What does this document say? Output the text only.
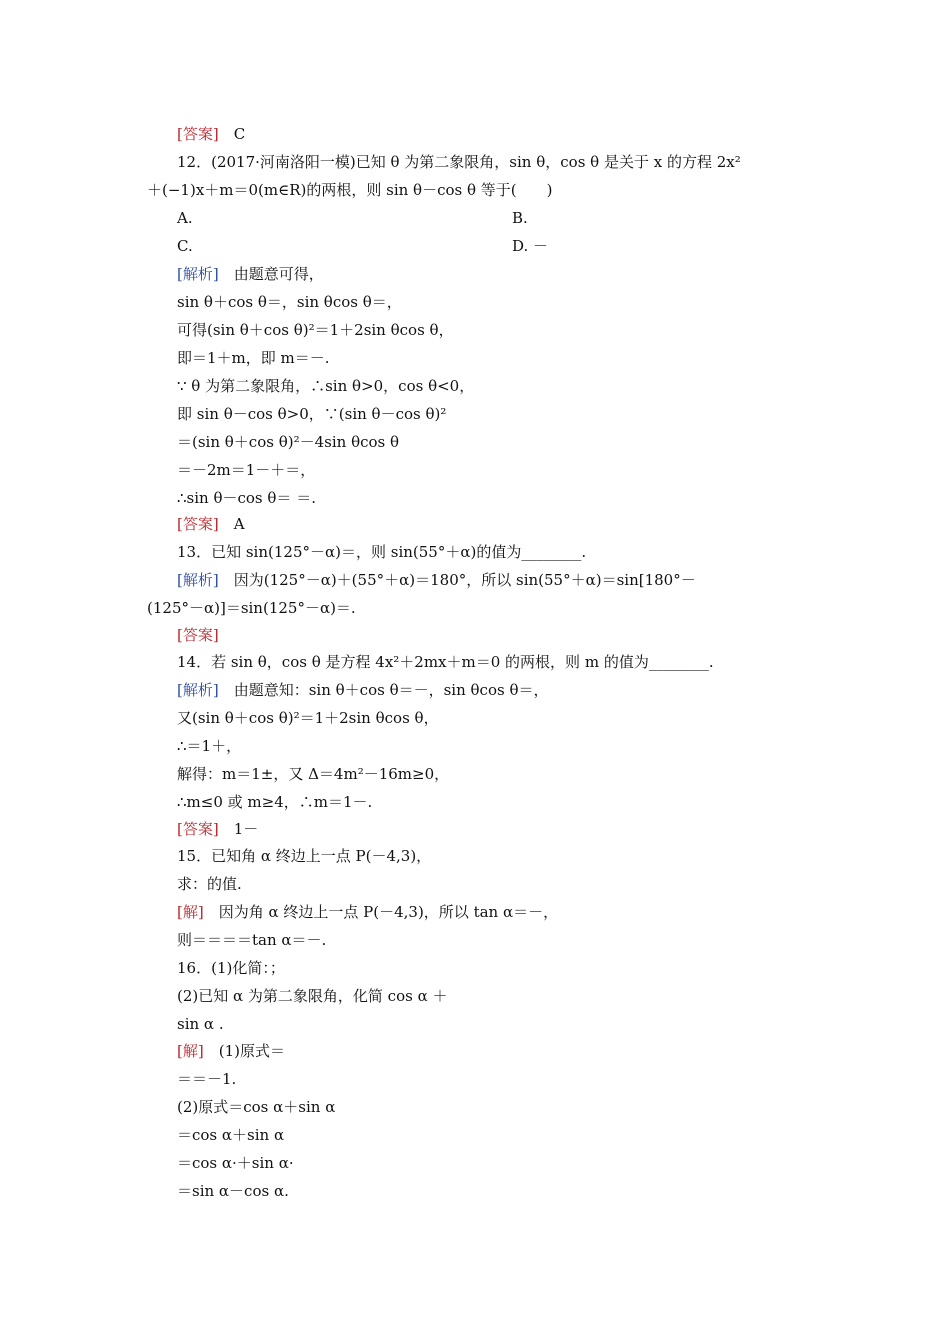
[答案]　C
12．(2017·河南洛阳一模)已知 θ 为第二象限角，sin θ，cos θ 是关于 x 的方程 2x²
＋(−1)x＋m＝0(m∈R)的两根，则 sin θ－cos θ 等于(　　)
A.	B.
C.	D. －
[解析]　由题意可得，
sin θ＋cos θ＝，sin θcos θ＝，
可得(sin θ＋cos θ)²＝1＋2sin θcos θ，
即＝1＋m，即 m＝－.
∵ θ 为第二象限角，∴sin θ>0，cos θ<0，
即 sin θ－cos θ>0，∵(sin θ－cos θ)²
＝(sin θ＋cos θ)²－4sin θcos θ
＝－2m＝1－＋＝，
∴sin θ－cos θ＝ ＝.
[答案]　A
13．已知 sin(125°－α)＝，则 sin(55°＋α)的值为________.
[解析]　因为(125°－α)＋(55°＋α)＝180°，所以 sin(55°＋α)＝sin[180°－
(125°－α)]＝sin(125°－α)＝.
[答案]
14．若 sin θ，cos θ 是方程 4x²＋2mx＋m＝0 的两根，则 m 的值为________.
[解析]　由题意知：sin θ＋cos θ＝－，sin θcos θ＝，
又(sin θ＋cos θ)²＝1＋2sin θcos θ，
∴＝1＋，
解得：m＝1±，又 Δ＝4m²－16m≥0，
∴m≤0 或 m≥4，∴m＝1－.
[答案]　1－
15．已知角 α 终边上一点 P(－4,3)，
求：的值.
[解]　因为角 α 终边上一点 P(－4,3)，所以 tan α＝－，
则＝＝＝＝tan α＝－.
16．(1)化简：；
(2)已知 α 为第二象限角，化简 cos α ＋
sin α .
[解]　(1)原式＝
＝＝－1.
(2)原式＝cos α＋sin α
＝cos α＋sin α
＝cos α·＋sin α·
＝sin α－cos α.
